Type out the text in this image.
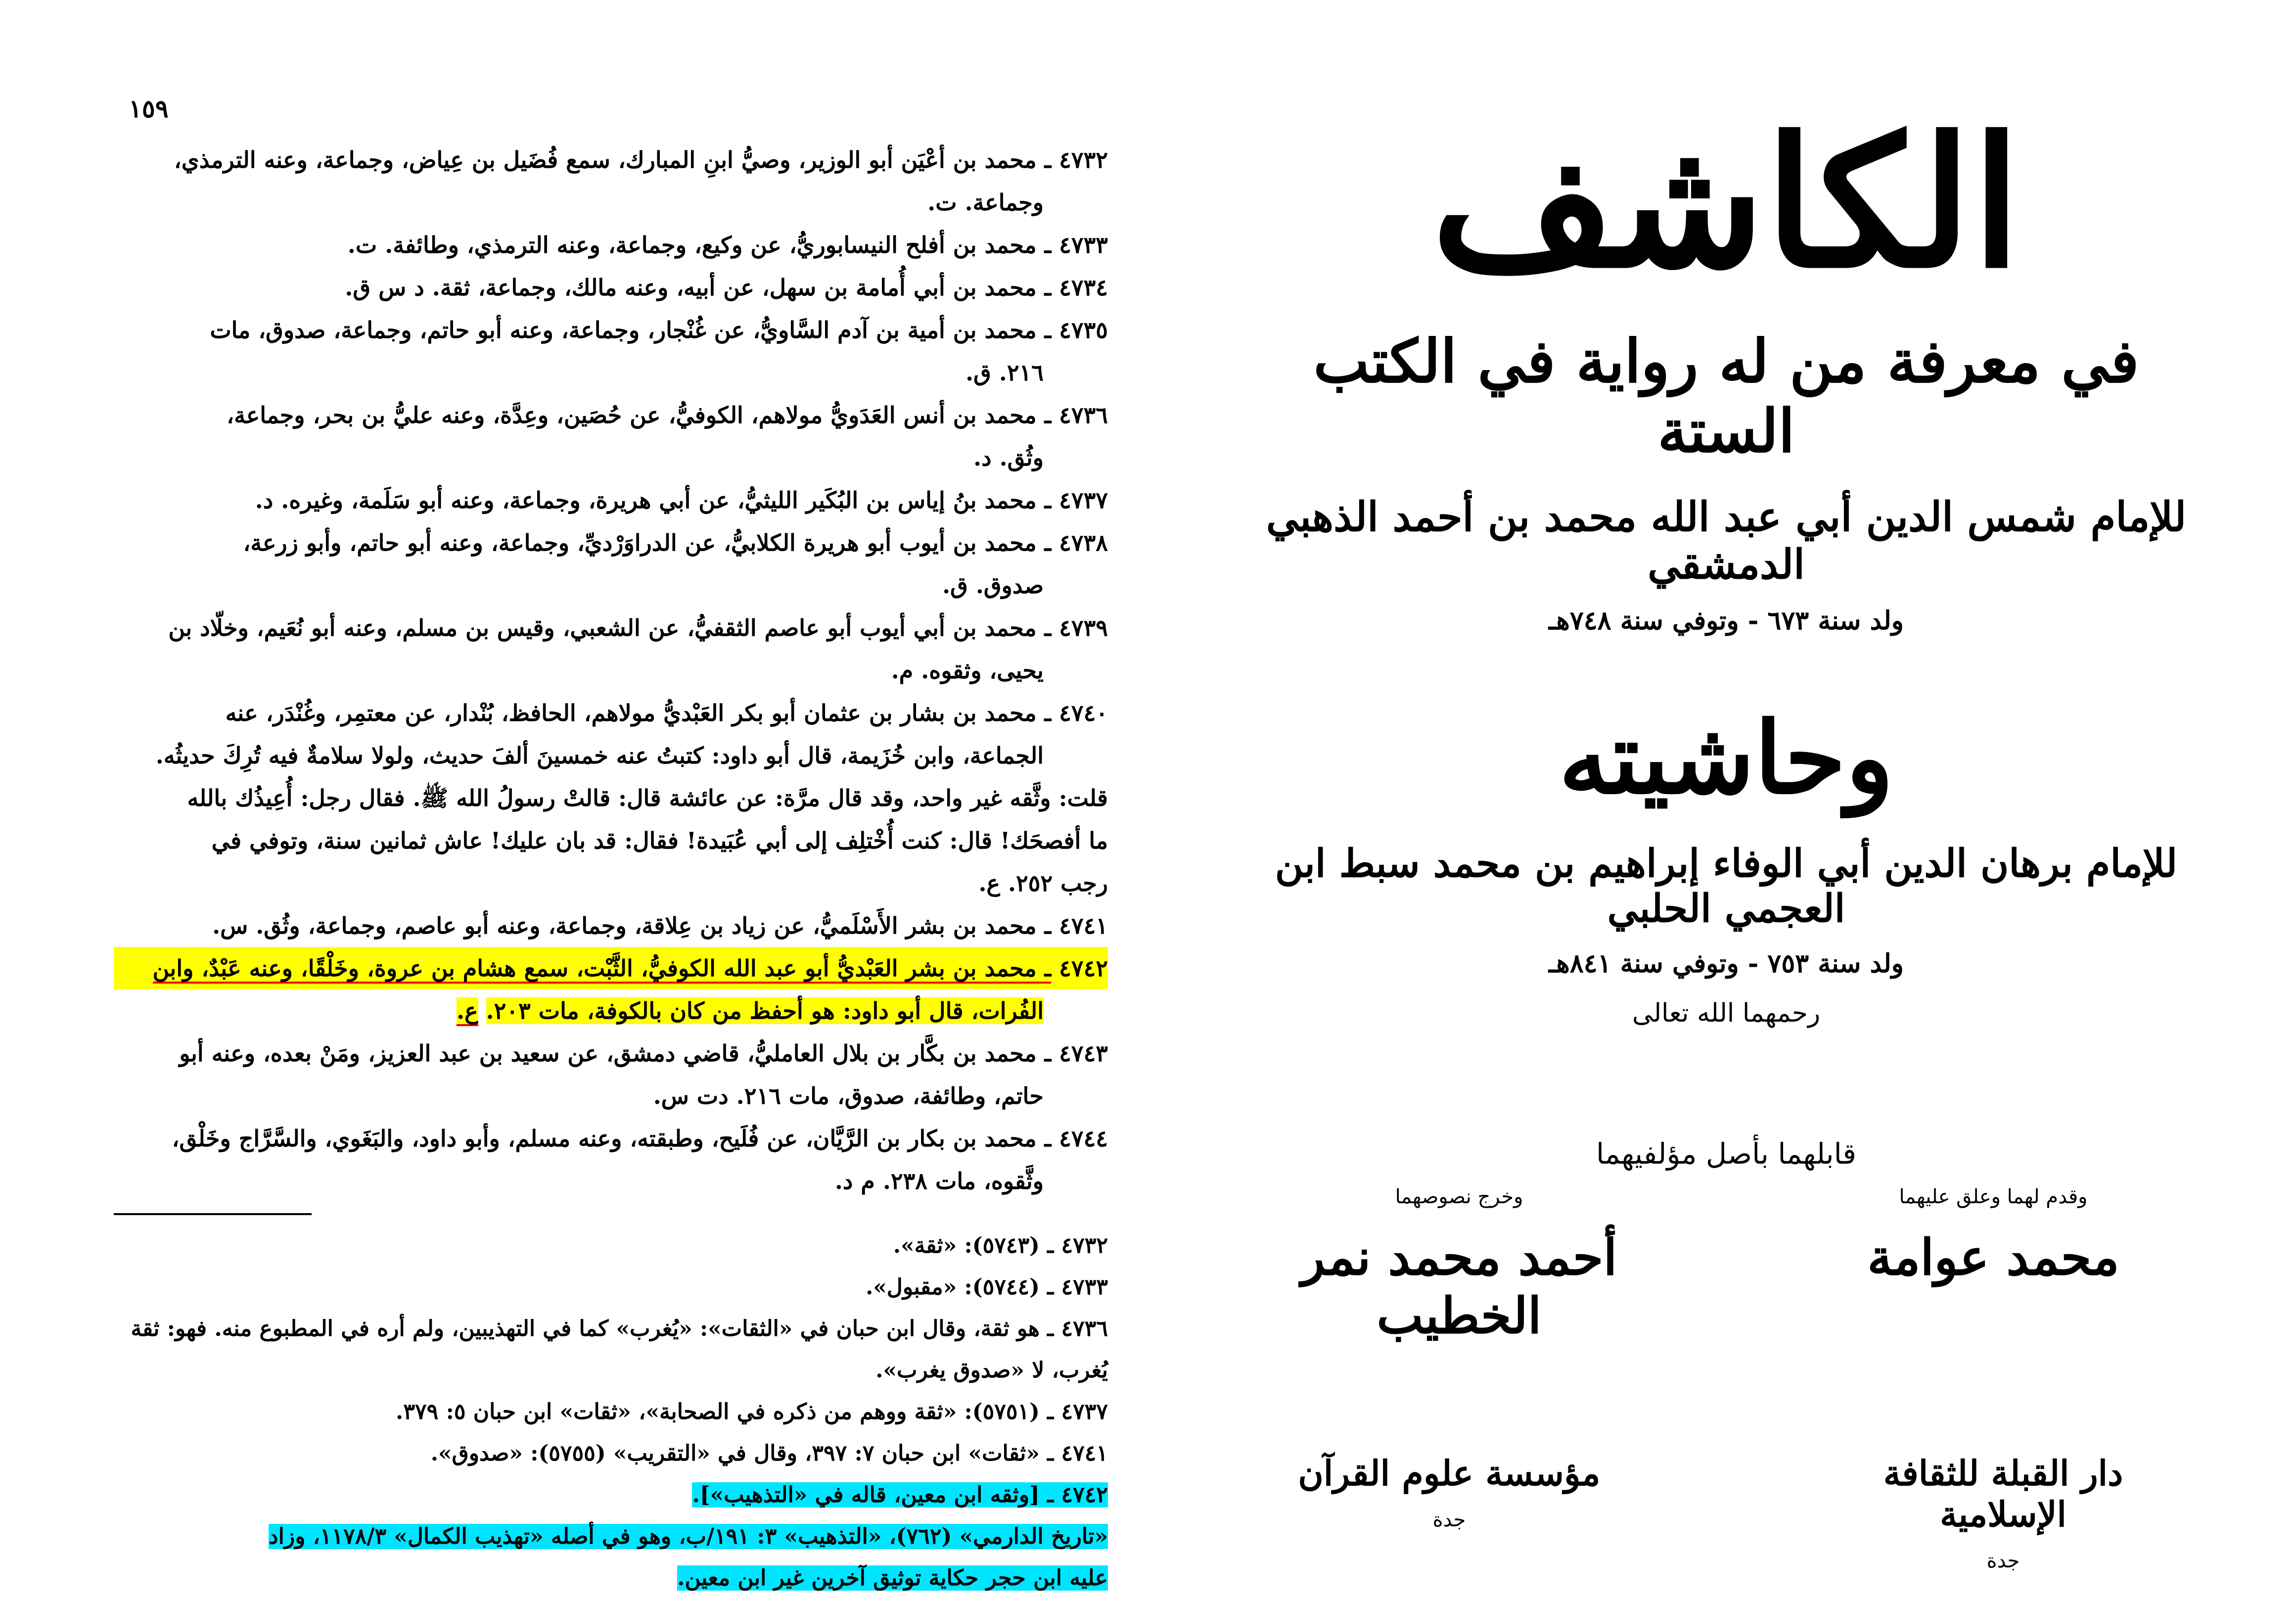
١٥٩
٤٧٣٢ ـ محمد بن أعْيَن أبو الوزير، وصيُّ ابنِ المبارك، سمع فُضَيل بن عِياض، وجماعة، وعنه الترمذي،
وجماعة. ت.
٤٧٣٣ ـ محمد بن أفلح النيسابوريُّ، عن وكيع، وجماعة، وعنه الترمذي، وطائفة. ت.
٤٧٣٤ ـ محمد بن أبي أُمامة بن سهل، عن أبيه، وعنه مالك، وجماعة، ثقة. د س ق.
٤٧٣٥ ـ محمد بن أمية بن آدم السَّاويُّ، عن غُنْجار، وجماعة، وعنه أبو حاتم، وجماعة، صدوق، مات
٢١٦. ق.
٤٧٣٦ ـ محمد بن أنس العَدَويُّ مولاهم، الكوفيُّ، عن حُصَين، وعِدَّة، وعنه عليُّ بن بحر، وجماعة،
وثُق. د.
٤٧٣٧ ـ محمد بنُ إياس بن البُكَير الليثيُّ، عن أبي هريرة، وجماعة، وعنه أبو سَلَمة، وغيره. د.
٤٧٣٨ ـ محمد بن أيوب أبو هريرة الكلابيُّ، عن الدراوَرْديِّ، وجماعة، وعنه أبو حاتم، وأبو زرعة،
صدوق. ق.
٤٧٣٩ ـ محمد بن أبي أيوب أبو عاصم الثقفيُّ، عن الشعبي، وقيس بن مسلم، وعنه أبو نُعَيم، وخلّاد بن
يحيى، وثقوه. م.
٤٧٤٠ ـ محمد بن بشار بن عثمان أبو بكر العَبْديُّ مولاهم، الحافظ، بُنْدار، عن معتمِر، وغُنْدَر، عنه
الجماعة، وابن خُزَيمة، قال أبو داود: كتبتُ عنه خمسينَ ألفَ حديث، ولولا سلامةٌ فيه تُرِكَ حديثُه.
قلت: وثَّقه غير واحد، وقد قال مرَّة: عن عائشة قال: قالتْ رسولُ الله ﷺ. فقال رجل: أُعِيذُك بالله
ما أفصحَك! قال: كنت أُخْتلِف إلى أبي عُبَيدة! فقال: قد بان عليك! عاش ثمانين سنة، وتوفي في
رجب ٢٥٢. ع.
٤٧٤١ ـ محمد بن بشر الأَسْلَميُّ، عن زياد بن عِلاقة، وجماعة، وعنه أبو عاصم، وجماعة، وثُق. س.
٤٧٤٢ ـ محمد بن بشر العَبْديُّ أبو عبد الله الكوفيُّ، الثَّبْت، سمع هشام بن عروة، وخَلْقًا، وعنه عَبْدٌ، وابن
الفُرات، قال أبو داود: هو أحفظ من كان بالكوفة، مات ٢٠٣. ع.
٤٧٤٣ ـ محمد بن بكَّار بن بلال العامليُّ، قاضي دمشق، عن سعيد بن عبد العزيز، ومَنْ بعده، وعنه أبو
حاتم، وطائفة، صدوق، مات ٢١٦. دت س.
٤٧٤٤ ـ محمد بن بكار بن الرَّيَّان، عن فُلَيح، وطبقته، وعنه مسلم، وأبو داود، والبَغَوي، والسَّرَّاج وخَلْق،
وثَّقوه، مات ٢٣٨. م د.
٤٧٣٢ ـ (٥٧٤٣): «ثقة».
٤٧٣٣ ـ (٥٧٤٤): «مقبول».
٤٧٣٦ ـ هو ثقة، وقال ابن حبان في «الثقات»: «يُغرب» كما في التهذيبين، ولم أره في المطبوع منه. فهو: ثقة
يُغرب، لا «صدوق يغرب».
٤٧٣٧ ـ (٥٧٥١): «ثقة ووهم من ذكره في الصحابة»، «ثقات» ابن حبان ٥: ٣٧٩.
٤٧٤١ ـ «ثقات» ابن حبان ٧: ٣٩٧، وقال في «التقريب» (٥٧٥٥): «صدوق».
٤٧٤٢ ـ [وثقه ابن معين، قاله في «التذهيب»].
«تاريخ الدارمي» (٧٦٢)، «التذهيب» ٣: ١٩١/ب، وهو في أصله «تهذيب الكمال» ١١٧٨/٣، وزاد
عليه ابن حجر حكاية توثيق آخرين غير ابن معين.
الكاشف
في معرفة من له رواية في الكتب الستة
للإمام شمس الدين أبي عبد الله محمد بن أحمد الذهبي الدمشقي
ولد سنة ٦٧٣ - وتوفي سنة ٧٤٨هـ
وحاشيته
للإمام برهان الدين أبي الوفاء إبراهيم بن محمد سبط ابن العجمي الحلبي
ولد سنة ٧٥٣ - وتوفي سنة ٨٤١هـ
رحمهما الله تعالى
قابلهما بأصل مؤلفيهما
وقدم لهما وعلق عليهما
محمد عوامة
وخرج نصوصهما
أحمد محمد نمر الخطيب
دار القبلة للثقافة الإسلامية
جدة
مؤسسة علوم القرآن
جدة
